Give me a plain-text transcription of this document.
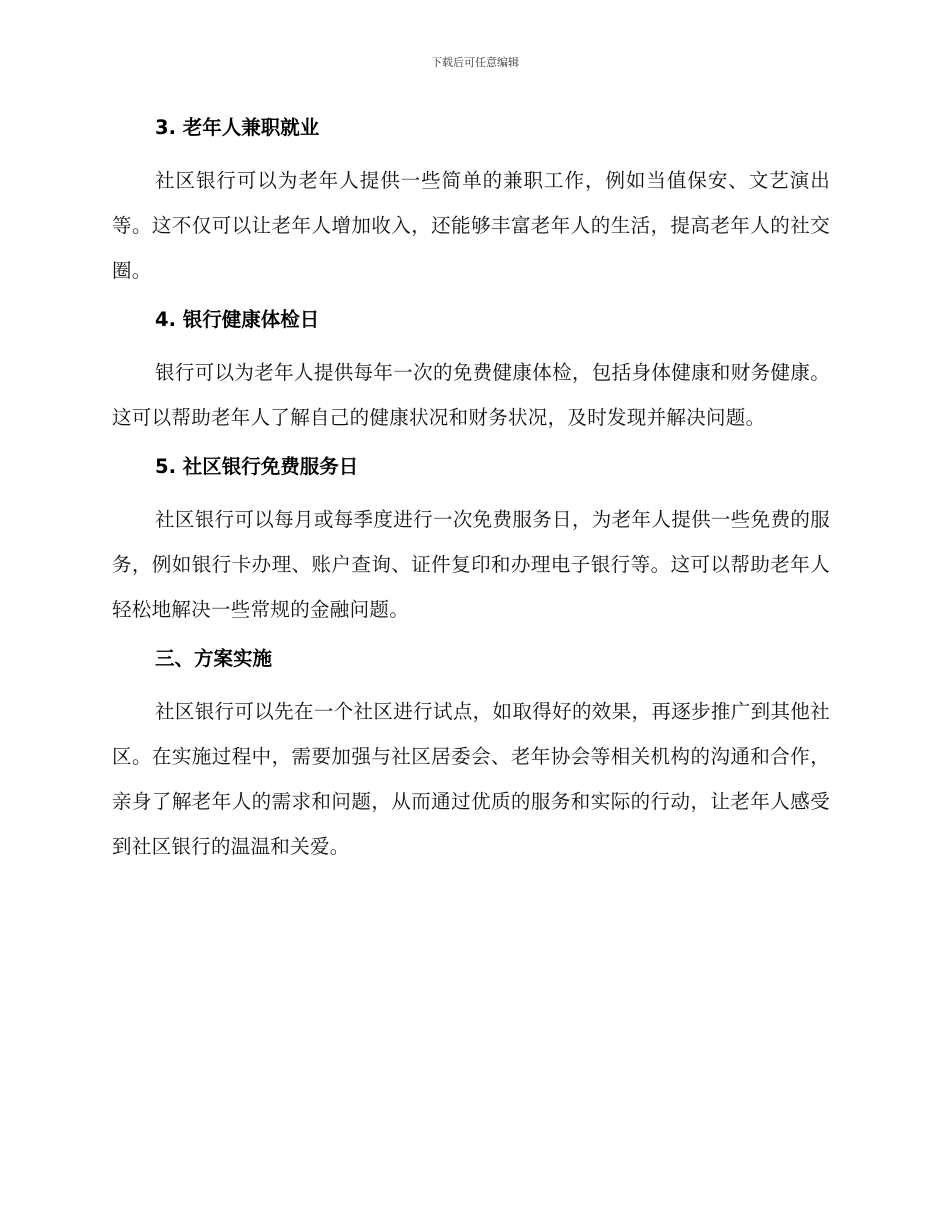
下载后可任意编辑
3. 老年人兼职就业

社区银行可以为老年人提供一些简单的兼职工作，例如当值保安、文艺演出等。这不仅可以让老年人增加收入，还能够丰富老年人的生活，提高老年人的社交圈。

4. 银行健康体检日

银行可以为老年人提供每年一次的免费健康体检，包括身体健康和财务健康。这可以帮助老年人了解自己的健康状况和财务状况，及时发现并解决问题。

5. 社区银行免费服务日

社区银行可以每月或每季度进行一次免费服务日，为老年人提供一些免费的服务，例如银行卡办理、账户查询、证件复印和办理电子银行等。这可以帮助老年人轻松地解决一些常规的金融问题。

三、方案实施

社区银行可以先在一个社区进行试点，如取得好的效果，再逐步推广到其他社区。在实施过程中，需要加强与社区居委会、老年协会等相关机构的沟通和合作，亲身了解老年人的需求和问题，从而通过优质的服务和实际的行动，让老年人感受到社区银行的温温和关爱。
